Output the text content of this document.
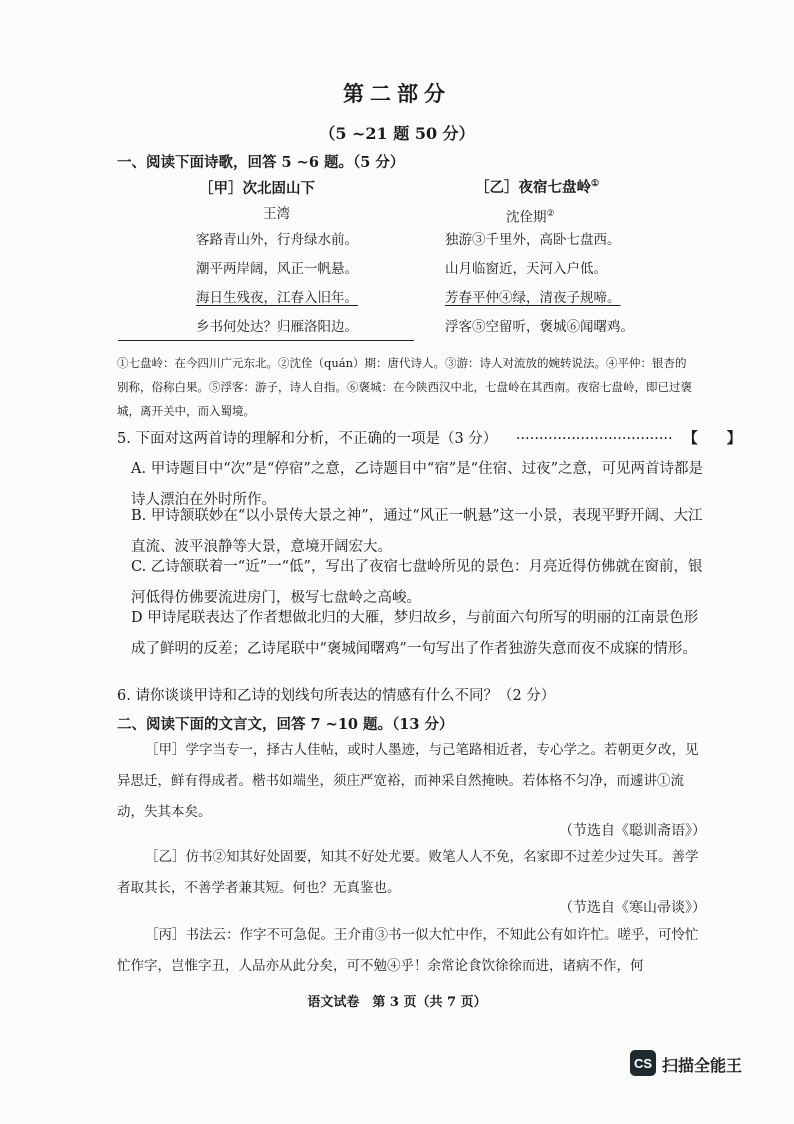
第二部分
（5 ~21 题 50 分）
一、阅读下面诗歌，回答 5 ~6 题。（5 分）
［甲］次北固山下
王湾
客路青山外，行舟绿水前。
潮平两岸阔，风正一帆悬。
海日生残夜，江春入旧年。
乡书何处达？归雁洛阳边。
［乙］夜宿七盘岭①
沈佺期②
独游③千里外，高卧七盘西。
山月临窗近，天河入户低。
芳春平仲④绿，清夜子规啼。
浮客⑤空留听，褒城⑥闻曙鸡。
①七盘岭：在今四川广元东北。②沈佺（quán）期：唐代诗人。③游：诗人对流放的婉转说法。④平仲：银杏的别称，俗称白果。⑤浮客：游子，诗人自指。⑥褒城：在今陕西汉中北，七盘岭在其西南。夜宿七盘岭，即已过褒城，离开关中，而入蜀境。
5. 下面对这两首诗的理解和分析，不正确的一项是（3 分） ·································· 【　　】
A. 甲诗题目中“次”是“停宿”之意，乙诗题目中“宿”是“住宿、过夜”之意，可见两首诗都是诗人漂泊在外时所作。
B. 甲诗颔联妙在“以小景传大景之神”，通过“风正一帆悬”这一小景，表现平野开阔、大江直流、波平浪静等大景，意境开阔宏大。
C. 乙诗颔联着一“近”一“低”，写出了夜宿七盘岭所见的景色：月亮近得仿佛就在窗前，银河低得仿佛要流进房门，极写七盘岭之高峻。
D 甲诗尾联表达了作者想做北归的大雁，梦归故乡，与前面六句所写的明丽的江南景色形成了鲜明的反差；乙诗尾联中“褒城闻曙鸡”一句写出了作者独游失意而夜不成寐的情形。
6. 请你谈谈甲诗和乙诗的划线句所表达的情感有什么不同？（2 分）
二、阅读下面的文言文，回答 7 ~10 题。（13 分）
［甲］学字当专一，择古人佳帖，或时人墨迹，与己笔路相近者，专心学之。若朝更夕改，见异思迁，鲜有得成者。楷书如端坐，须庄严宽裕，而神采自然掩映。若体格不匀净，而遽讲①流动，失其本矣。
（节选自《聪训斋语》）
［乙］仿书②知其好处固要，知其不好处尤要。败笔人人不免，名家即不过差少过失耳。善学者取其长，不善学者兼其短。何也？无真鉴也。
（节选自《寒山帚谈》）
［丙］书法云：作字不可急促。王介甫③书一似大忙中作，不知此公有如许忙。嗟乎，可怜忙忙作字，岂惟字丑，人品亦从此分矣，可不勉④乎！余常论食饮徐徐而进，诸病不作，何
语文试卷　第 3 页（共 7 页）
CS 扫描全能王
